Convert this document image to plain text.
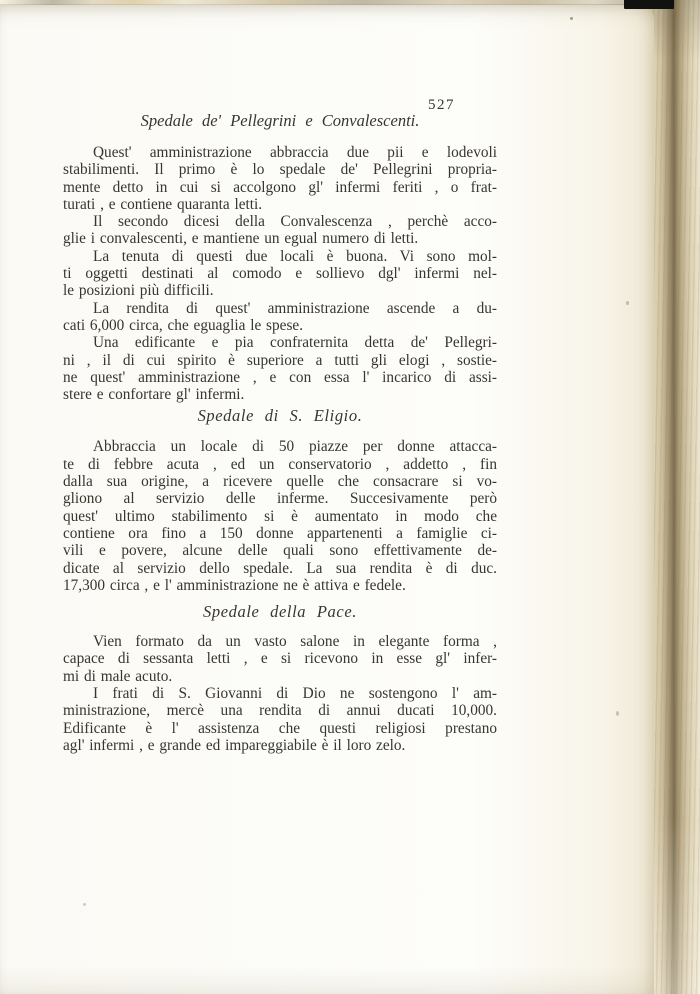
527
Spedale de' Pellegrini e Convalescenti.
Quest' amministrazione abbraccia due pii e lodevoli
stabilimenti. Il primo è lo spedale de' Pellegrini propria-
mente detto in cui si accolgono gl' infermi feriti , o frat-
turati , e contiene quaranta letti.
Il secondo dicesi della Convalescenza , perchè acco-
glie i convalescenti, e mantiene un egual numero di letti.
La tenuta di questi due locali è buona. Vi sono mol-
ti oggetti destinati al comodo e sollievo dgl' infermi nel-
le posizioni più difficili.
La rendita di quest' amministrazione ascende a du-
cati 6,000 circa, che eguaglia le spese.
Una edificante e pia confraternita detta de' Pellegri-
ni , il di cui spirito è superiore a tutti gli elogi , sostie-
ne quest' amministrazione , e con essa l' incarico di assi-
stere e confortare gl' infermi.
Spedale di S. Eligio.
Abbraccia un locale di 50 piazze per donne attacca-
te di febbre acuta , ed un conservatorio , addetto , fin
dalla sua origine, a ricevere quelle che consacrare si vo-
gliono al servizio delle inferme. Succesivamente però
quest' ultimo stabilimento si è aumentato in modo che
contiene ora fino a 150 donne appartenenti a famiglie ci-
vili e povere, alcune delle quali sono effettivamente de-
dicate al servizio dello spedale. La sua rendita è di duc.
17,300 circa , e l' amministrazione ne è attiva e fedele.
Spedale della Pace.
Vien formato da un vasto salone in elegante forma ,
capace di sessanta letti , e si ricevono in esse gl' infer-
mi di male acuto.
I frati di S. Giovanni di Dio ne sostengono l' am-
ministrazione, mercè una rendita di annui ducati 10,000.
Edificante è l' assistenza che questi religiosi prestano
agl' infermi , e grande ed impareggiabile è il loro zelo.
